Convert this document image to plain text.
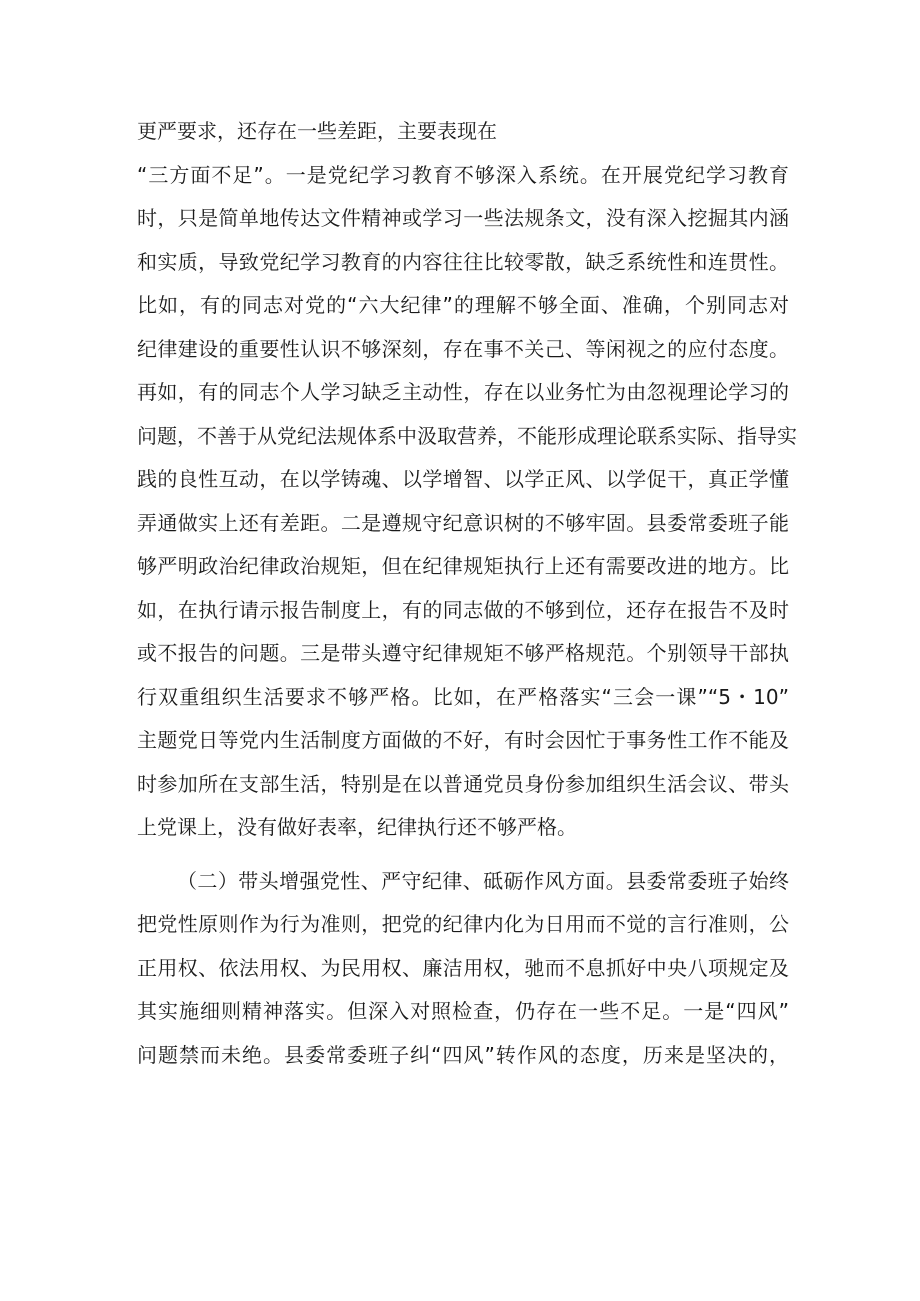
更严要求，还存在一些差距，主要表现在
“三方面不足”。一是党纪学习教育不够深入系统。在开展党纪学习教育
时，只是简单地传达文件精神或学习一些法规条文，没有深入挖掘其内涵
和实质，导致党纪学习教育的内容往往比较零散，缺乏系统性和连贯性。
比如，有的同志对党的“六大纪律”的理解不够全面、准确，个别同志对
纪律建设的重要性认识不够深刻，存在事不关己、等闲视之的应付态度。
再如，有的同志个人学习缺乏主动性，存在以业务忙为由忽视理论学习的
问题，不善于从党纪法规体系中汲取营养，不能形成理论联系实际、指导实
践的良性互动，在以学铸魂、以学增智、以学正风、以学促干，真正学懂
弄通做实上还有差距。二是遵规守纪意识树的不够牢固。县委常委班子能
够严明政治纪律政治规矩，但在纪律规矩执行上还有需要改进的地方。比
如，在执行请示报告制度上，有的同志做的不够到位，还存在报告不及时
或不报告的问题。三是带头遵守纪律规矩不够严格规范。个别领导干部执
行双重组织生活要求不够严格。比如，在严格落实“三会一课”“5・10”
主题党日等党内生活制度方面做的不好，有时会因忙于事务性工作不能及
时参加所在支部生活，特别是在以普通党员身份参加组织生活会议、带头
上党课上，没有做好表率，纪律执行还不够严格。
（二）带头增强党性、严守纪律、砥砺作风方面。县委常委班子始终
把党性原则作为行为准则，把党的纪律内化为日用而不觉的言行准则，公
正用权、依法用权、为民用权、廉洁用权，驰而不息抓好中央八项规定及
其实施细则精神落实。但深入对照检查，仍存在一些不足。一是“四风”
问题禁而未绝。县委常委班子纠“四风”转作风的态度，历来是坚决的，
